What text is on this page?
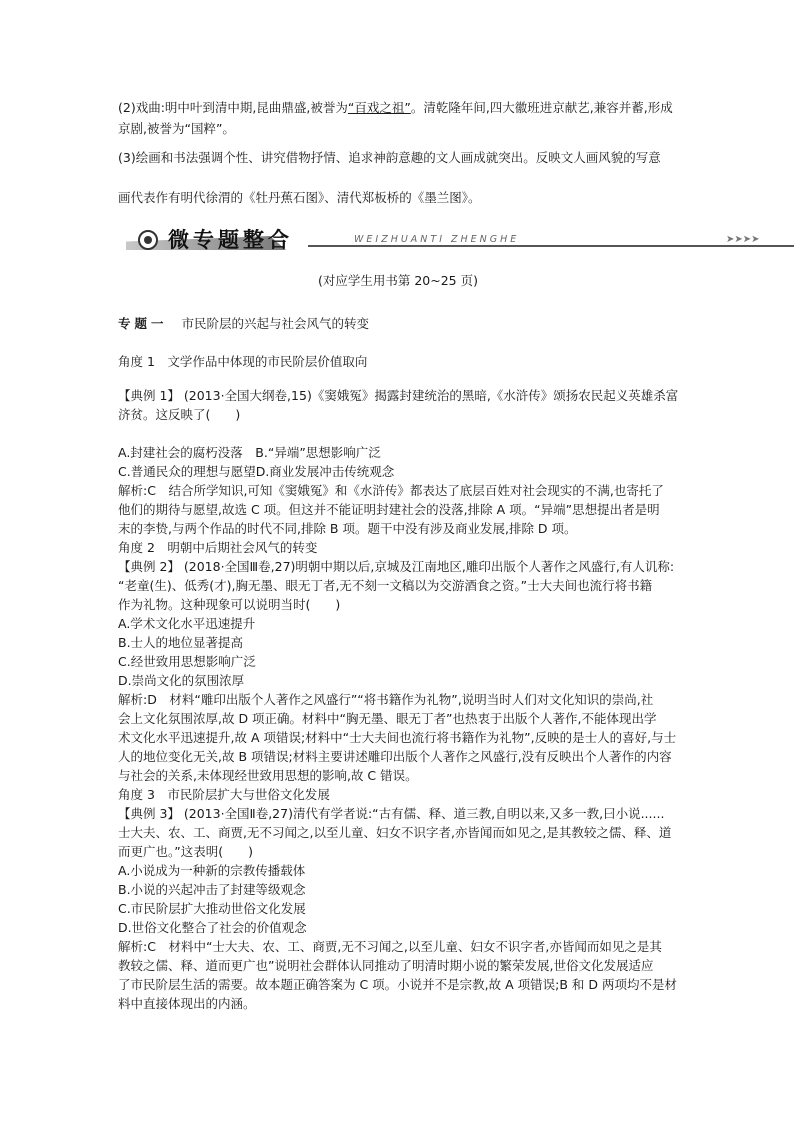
(2)戏曲:明中叶到清中期,昆曲鼎盛,被誉为“百戏之祖”。清乾隆年间,四大徽班进京献艺,兼容并蓄,形成
京剧,被誉为“国粹”。
(3)绘画和书法强调个性、讲究借物抒情、追求神韵意趣的文人画成就突出。反映文人画风貌的写意
画代表作有明代徐渭的《牡丹蕉石图》、清代郑板桥的《墨兰图》。
微专题整合	WEIZHUANTI ZHENGHE	➤➤➤➤
(对应学生用书第 20~25 页)
专题一 市民阶层的兴起与社会风气的转变
角度 1　文学作品中体现的市民阶层价值取向
【典例 1】 (2013·全国大纲卷,15)《窦娥冤》揭露封建统治的黑暗,《水浒传》颂扬农民起义英雄杀富
济贫。这反映了(　　)
A.封建社会的腐朽没落　B.“异端”思想影响广泛
C.普通民众的理想与愿望D.商业发展冲击传统观念
解析:C　结合所学知识,可知《窦娥冤》和《水浒传》都表达了底层百姓对社会现实的不满,也寄托了
他们的期待与愿望,故选 C 项。但这并不能证明封建社会的没落,排除 A 项。“异端”思想提出者是明
末的李贽,与两个作品的时代不同,排除 B 项。题干中没有涉及商业发展,排除 D 项。
角度 2　明朝中后期社会风气的转变
【典例 2】 (2018·全国Ⅲ卷,27)明朝中期以后,京城及江南地区,雕印出版个人著作之风盛行,有人讥称:
“老童(生)、低秀(才),胸无墨、眼无丁者,无不刻一文稿以为交游酒食之资。”士大夫间也流行将书籍
作为礼物。这种现象可以说明当时(　　)
A.学术文化水平迅速提升
B.士人的地位显著提高
C.经世致用思想影响广泛
D.崇尚文化的氛围浓厚
解析:D　材料“雕印出版个人著作之风盛行”“将书籍作为礼物”,说明当时人们对文化知识的崇尚,社
会上文化氛围浓厚,故 D 项正确。材料中“胸无墨、眼无丁者”也热衷于出版个人著作,不能体现出学
术文化水平迅速提升,故 A 项错误;材料中“士大夫间也流行将书籍作为礼物”,反映的是士人的喜好,与士
人的地位变化无关,故 B 项错误;材料主要讲述雕印出版个人著作之风盛行,没有反映出个人著作的内容
与社会的关系,未体现经世致用思想的影响,故 C 错误。
角度 3　市民阶层扩大与世俗文化发展
【典例 3】 (2013·全国Ⅱ卷,27)清代有学者说:“古有儒、释、道三教,自明以来,又多一教,曰小说......
士大夫、农、工、商贾,无不习闻之,以至儿童、妇女不识字者,亦皆闻而如见之,是其教较之儒、释、道
而更广也。”这表明(　　)
A.小说成为一种新的宗教传播载体
B.小说的兴起冲击了封建等级观念
C.市民阶层扩大推动世俗文化发展
D.世俗文化整合了社会的价值观念
解析:C　材料中“士大夫、农、工、商贾,无不习闻之,以至儿童、妇女不识字者,亦皆闻而如见之是其
教较之儒、释、道而更广也”说明社会群体认同推动了明清时期小说的繁荣发展,世俗文化发展适应
了市民阶层生活的需要。故本题正确答案为 C 项。小说并不是宗教,故 A 项错误;B 和 D 两项均不是材
料中直接体现出的内涵。
